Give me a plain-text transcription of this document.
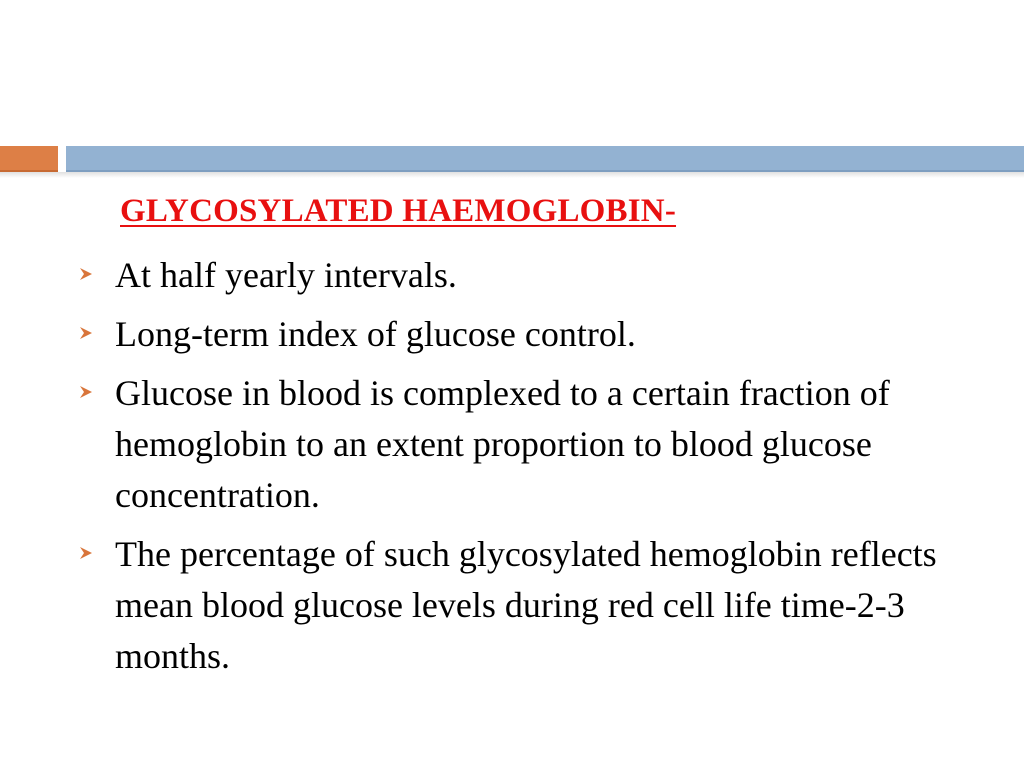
GLYCOSYLATED HAEMOGLOBIN-
At half yearly intervals.
Long-term index of glucose control.
Glucose in blood is complexed to a certain fraction of hemoglobin to an extent proportion to blood glucose concentration.
The percentage of such glycosylated hemoglobin reflects mean blood glucose levels during red cell life time-2-3 months.
